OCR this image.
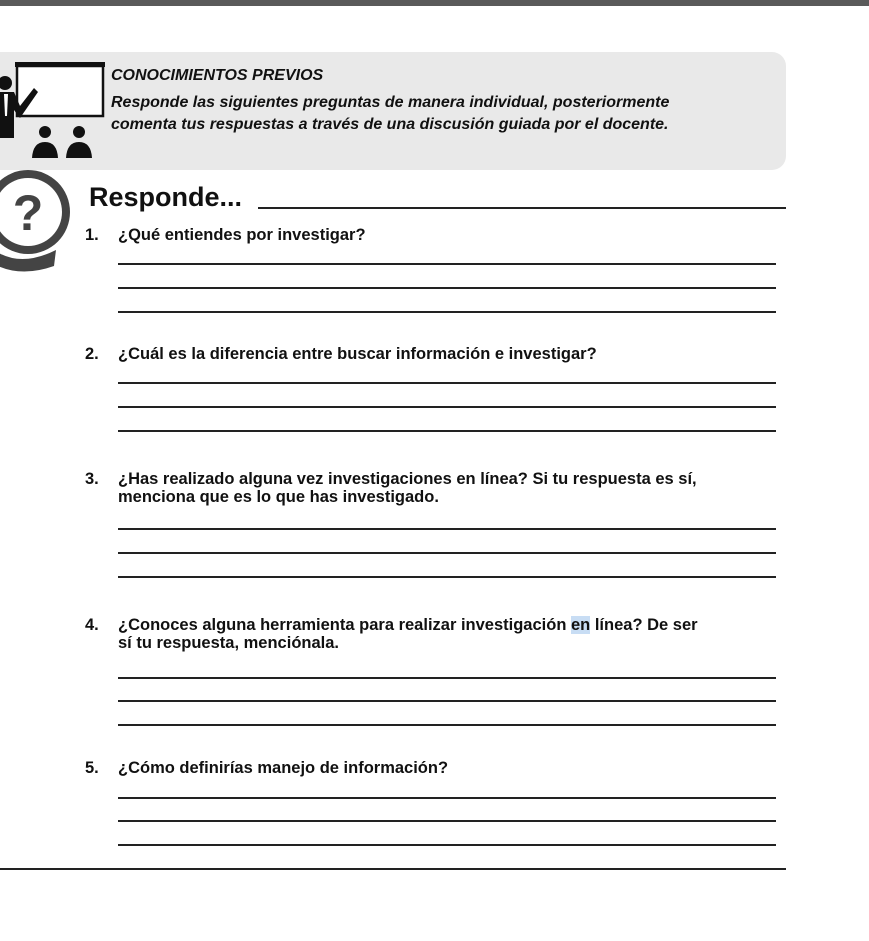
CONOCIMIENTOS PREVIOS
Responde las siguientes preguntas de manera individual, posteriormente
comenta tus respuestas a través de una discusión guiada por el docente.
? Responde...
1. ¿Qué entiendes por investigar?
2. ¿Cuál es la diferencia entre buscar información e investigar?
3. ¿Has realizado alguna vez investigaciones en línea? Si tu respuesta es sí,
menciona que es lo que has investigado.
4. ¿Conoces alguna herramienta para realizar investigación en línea? De ser
sí tu respuesta, menciónala.
5. ¿Cómo definirías manejo de información?
